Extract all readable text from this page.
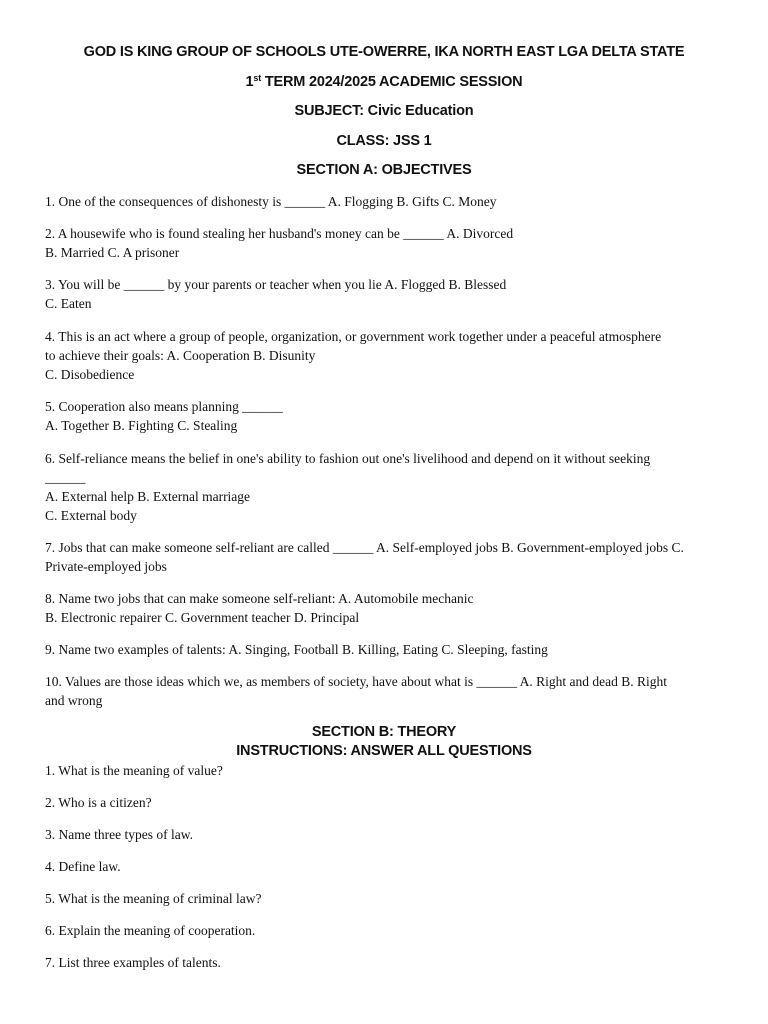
GOD IS KING GROUP OF SCHOOLS UTE-OWERRE, IKA NORTH EAST LGA DELTA STATE
1st TERM 2024/2025 ACADEMIC SESSION
SUBJECT: Civic Education
CLASS: JSS 1
SECTION A: OBJECTIVES
1. One of the consequences of dishonesty is ______ A. Flogging B. Gifts C. Money
2. A housewife who is found stealing her husband's money can be ______ A. Divorced
B. Married C. A prisoner
3. You will be ______ by your parents or teacher when you lie A. Flogged B. Blessed
C. Eaten
4. This is an act where a group of people, organization, or government work together under a peaceful atmosphere
to achieve their goals: A. Cooperation B. Disunity
C. Disobedience
5. Cooperation also means planning ______
A. Together B. Fighting C. Stealing
6. Self-reliance means the belief in one's ability to fashion out one's livelihood and depend on it without seeking
______
A. External help B. External marriage
C. External body
7. Jobs that can make someone self-reliant are called ______ A. Self-employed jobs B. Government-employed jobs C.
Private-employed jobs
8. Name two jobs that can make someone self-reliant: A. Automobile mechanic
B. Electronic repairer C. Government teacher D. Principal
9. Name two examples of talents: A. Singing, Football B. Killing, Eating C. Sleeping, fasting
10. Values are those ideas which we, as members of society, have about what is ______ A. Right and dead B. Right
and wrong
SECTION B: THEORY
INSTRUCTIONS: ANSWER ALL QUESTIONS
1. What is the meaning of value?
2. Who is a citizen?
3. Name three types of law.
4. Define law.
5. What is the meaning of criminal law?
6. Explain the meaning of cooperation.
7. List three examples of talents.
